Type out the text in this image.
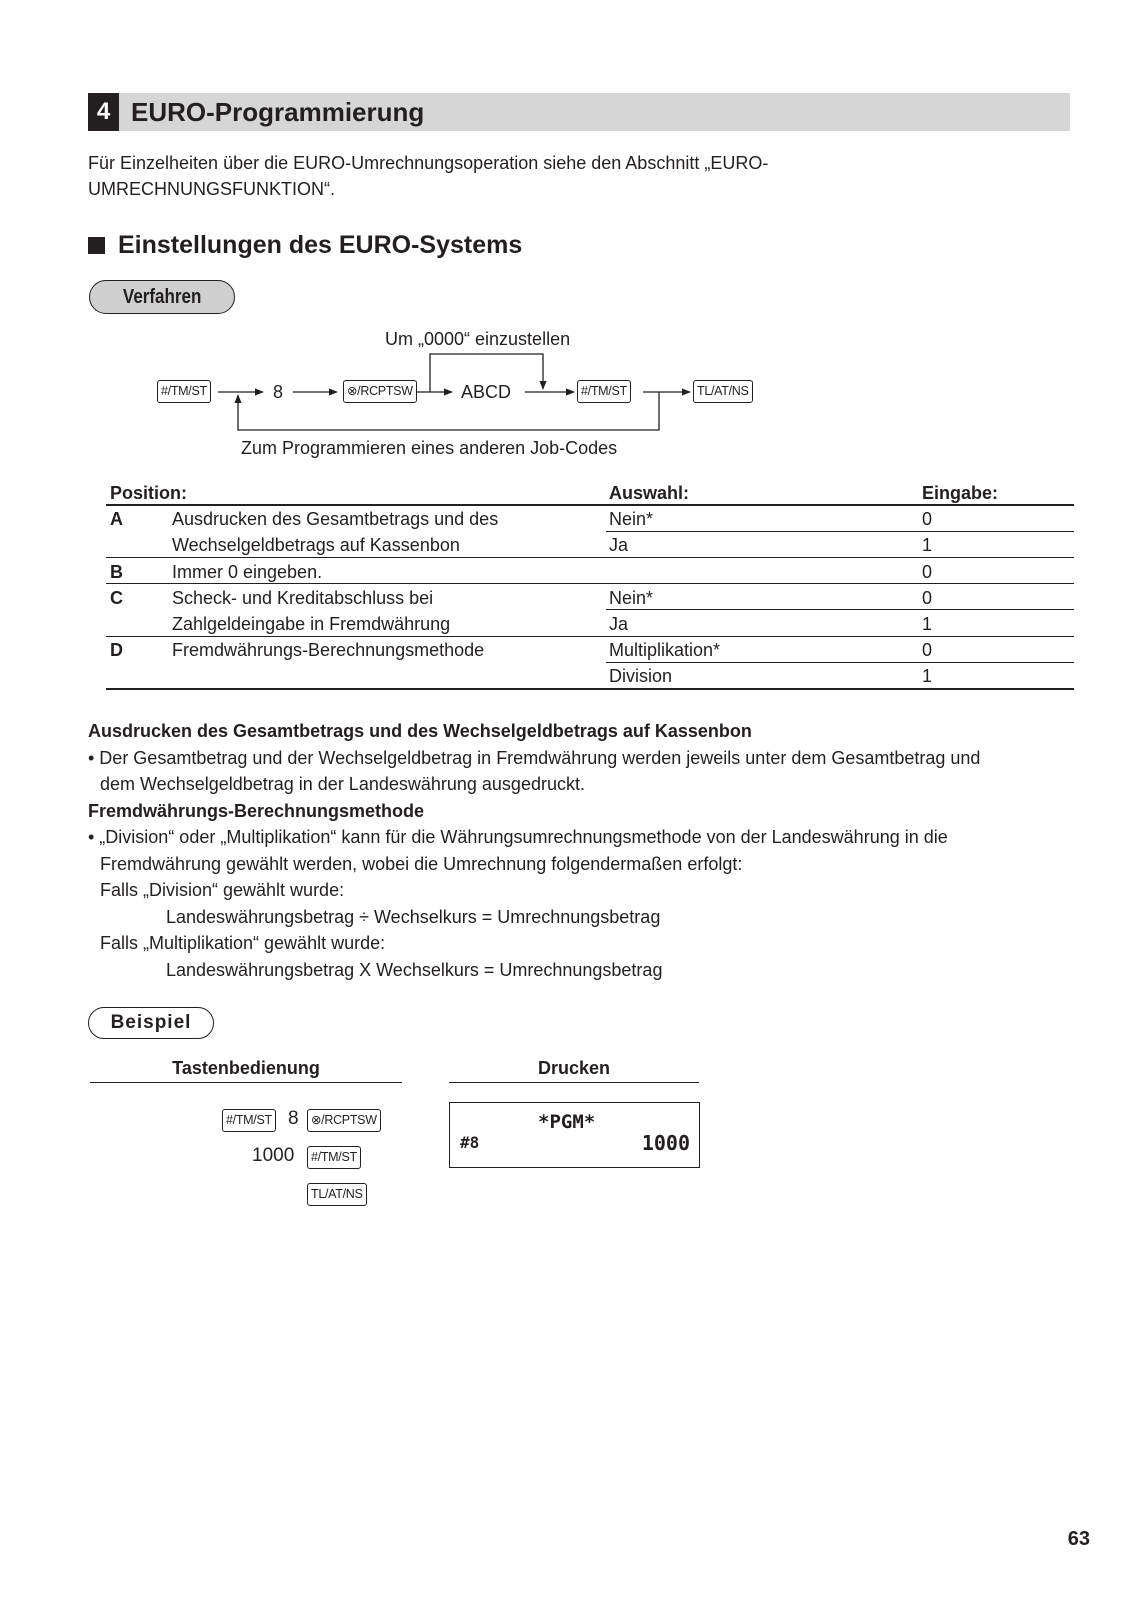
4 EURO-Programmierung
Für Einzelheiten über die EURO-Umrechnungsoperation siehe den Abschnitt „EURO-
UMRECHNUNGSFUNKTION“.
Einstellungen des EURO-Systems
Verfahren
Um „0000“ einzustellen
Zum Programmieren eines anderen Job-Codes
#/TM/ST	8	⊗/RCPTSW	ABCD	#/TM/ST	TL/AT/NS
Position:	Auswahl:	Eingabe:
A	Ausdrucken des Gesamtbetrags und des	Nein*	0
Wechselgeldbetrags auf Kassenbon	Ja	1
B	Immer 0 eingeben.	0
C	Scheck- und Kreditabschluss bei	Nein*	0
Zahlgeldeingabe in Fremdwährung	Ja	1
D	Fremdwährungs-Berechnungsmethode	Multiplikation*	0
Division	1
Ausdrucken des Gesamtbetrags und des Wechselgeldbetrags auf Kassenbon
• Der Gesamtbetrag und der Wechselgeldbetrag in Fremdwährung werden jeweils unter dem Gesamtbetrag und
dem Wechselgeldbetrag in der Landeswährung ausgedruckt.
Fremdwährungs-Berechnungsmethode
• „Division“ oder „Multiplikation“ kann für die Währungsumrechnungsmethode von der Landeswährung in die
Fremdwährung gewählt werden, wobei die Umrechnung folgendermaßen erfolgt:
Falls „Division“ gewählt wurde:
Landeswährungsbetrag ÷ Wechselkurs = Umrechnungsbetrag
Falls „Multiplikation“ gewählt wurde:
Landeswährungsbetrag X Wechselkurs = Umrechnungsbetrag
Beispiel
Tastenbedienung	Drucken
#/TM/ST 8 ⊗/RCPTSW
1000	#/TM/ST
TL/AT/NS
*PGM*
#8	1000
63
